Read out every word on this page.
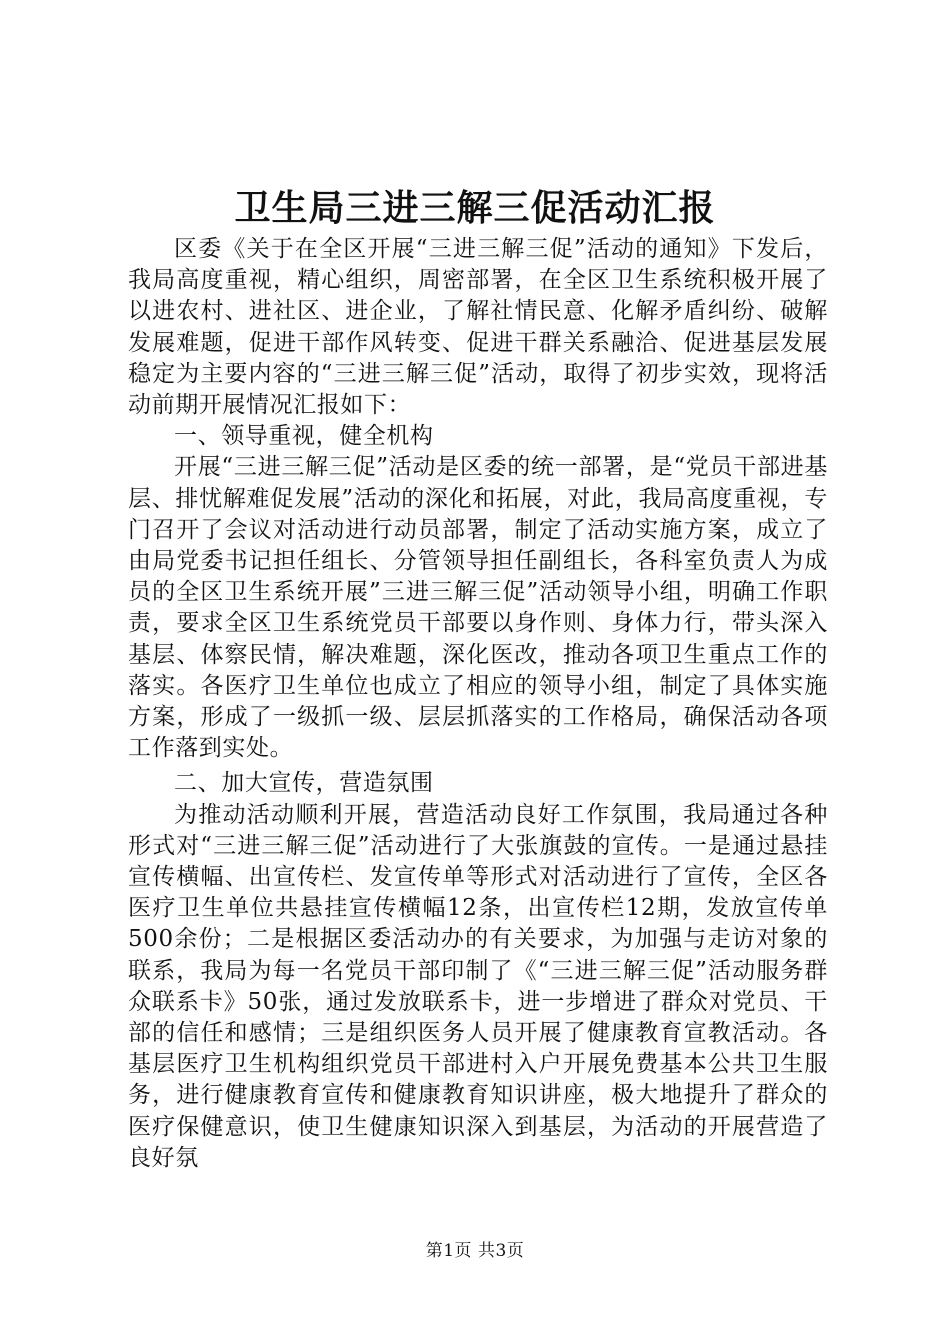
卫生局三进三解三促活动汇报

区委《关于在全区开展“三进三解三促”活动的通知》下发后，我局高度重视，精心组织，周密部署，在全区卫生系统积极开展了以进农村、进社区、进企业，了解社情民意、化解矛盾纠纷、破解发展难题，促进干部作风转变、促进干群关系融洽、促进基层发展稳定为主要内容的“三进三解三促”活动，取得了初步实效，现将活动前期开展情况汇报如下：

一、领导重视，健全机构

开展“三进三解三促”活动是区委的统一部署，是“党员干部进基层、排忧解难促发展”活动的深化和拓展，对此，我局高度重视，专门召开了会议对活动进行动员部署，制定了活动实施方案，成立了由局党委书记担任组长、分管领导担任副组长，各科室负责人为成员的全区卫生系统开展”三进三解三促”活动领导小组，明确工作职责，要求全区卫生系统党员干部要以身作则、身体力行，带头深入基层、体察民情，解决难题，深化医改，推动各项卫生重点工作的落实。各医疗卫生单位也成立了相应的领导小组，制定了具体实施方案，形成了一级抓一级、层层抓落实的工作格局，确保活动各项工作落到实处。

二、加大宣传，营造氛围

为推动活动顺利开展，营造活动良好工作氛围，我局通过各种形式对“三进三解三促”活动进行了大张旗鼓的宣传。一是通过悬挂宣传横幅、出宣传栏、发宣传单等形式对活动进行了宣传，全区各医疗卫生单位共悬挂宣传横幅12条，出宣传栏12期，发放宣传单500余份；二是根据区委活动办的有关要求，为加强与走访对象的联系，我局为每一名党员干部印制了《“三进三解三促”活动服务群众联系卡》50张，通过发放联系卡，进一步增进了群众对党员、干部的信任和感情；三是组织医务人员开展了健康教育宣教活动。各基层医疗卫生机构组织党员干部进村入户开展免费基本公共卫生服务，进行健康教育宣传和健康教育知识讲座，极大地提升了群众的医疗保健意识，使卫生健康知识深入到基层，为活动的开展营造了良好氛

第1页 共3页
